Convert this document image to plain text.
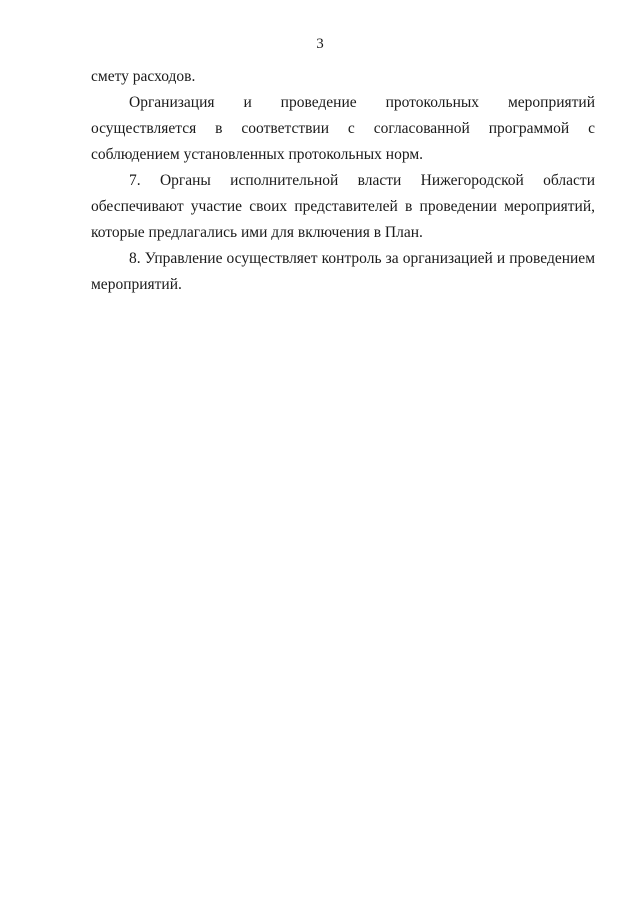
3

смету расходов.

Организация и проведение протокольных мероприятий осуществляется в соответствии с согласованной программой с соблюдением установленных протокольных норм.

7. Органы исполнительной власти Нижегородской области обеспечивают участие своих представителей в проведении мероприятий, которые предлагались ими для включения в План.

8. Управление осуществляет контроль за организацией и проведением мероприятий.
